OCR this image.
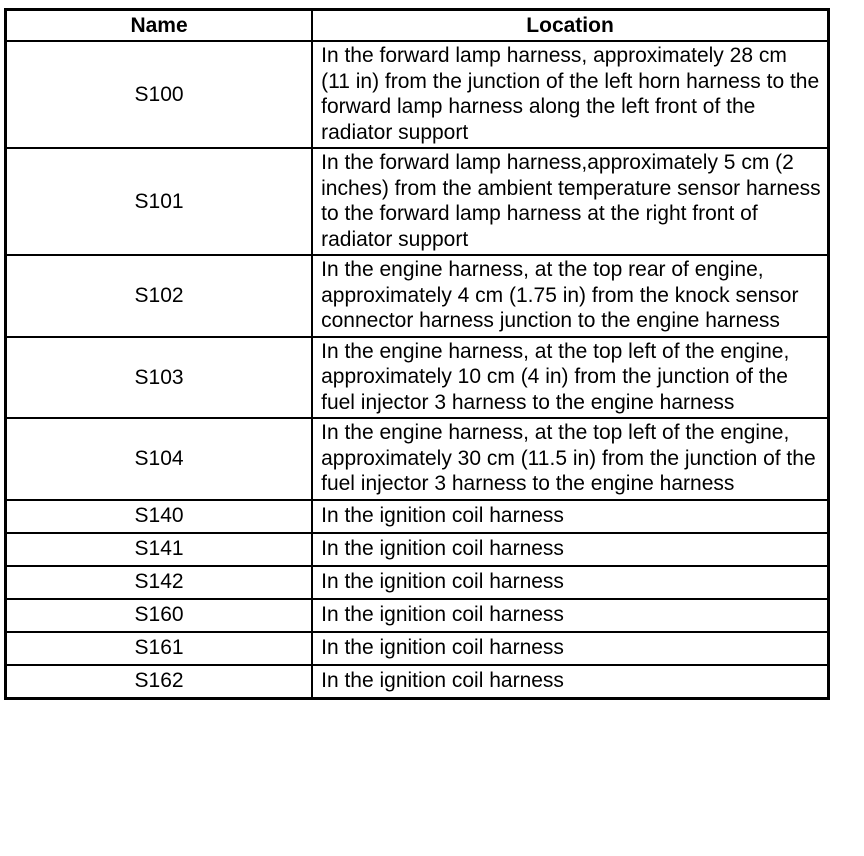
Name	Location
S100	In the forward lamp harness, approximately 28 cm (11 in) from the junction of the left horn harness to the forward lamp harness along the left front of the radiator support
S101	In the forward lamp harness,approximately 5 cm (2 inches) from the ambient temperature sensor harness to the forward lamp harness at the right front of radiator support
S102	In the engine harness, at the top rear of engine, approximately 4 cm (1.75 in) from the knock sensor connector harness junction to the engine harness
S103	In the engine harness, at the top left of the engine, approximately 10 cm (4 in) from the junction of the fuel injector 3 harness to the engine harness
S104	In the engine harness, at the top left of the engine, approximately 30 cm (11.5 in) from the junction of the fuel injector 3 harness to the engine harness
S140	In the ignition coil harness
S141	In the ignition coil harness
S142	In the ignition coil harness
S160	In the ignition coil harness
S161	In the ignition coil harness
S162	In the ignition coil harness
